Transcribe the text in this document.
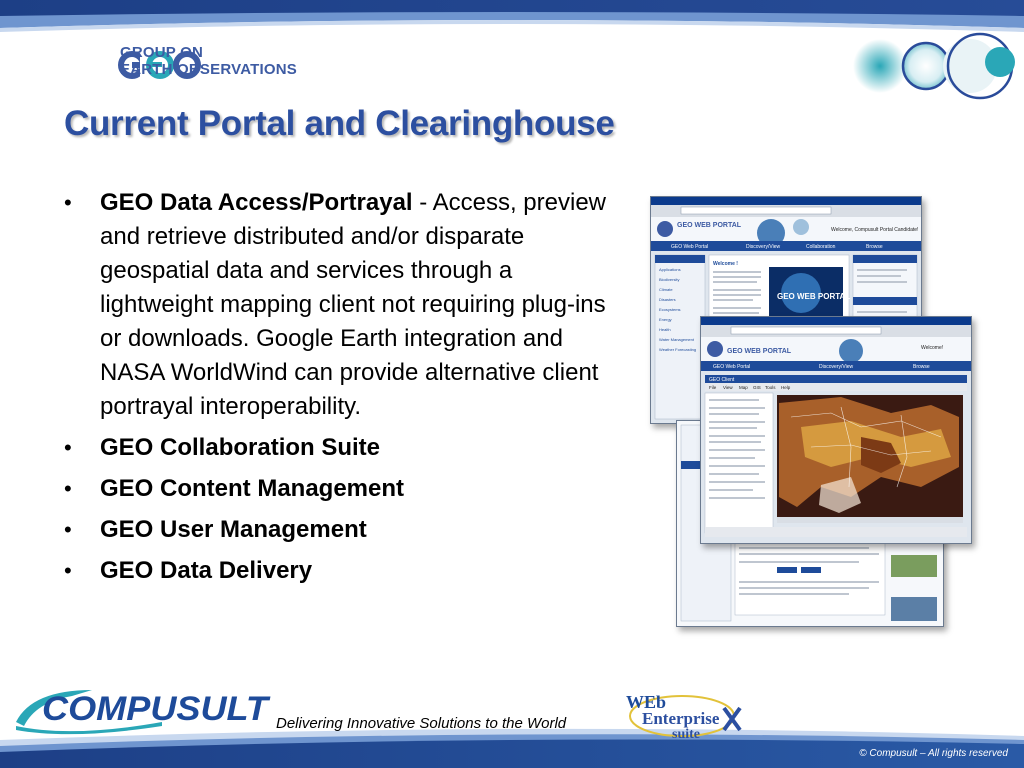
GROUP ON
EARTH OBSERVATIONS
Current Portal and Clearinghouse
• GEO Data Access/Portrayal - Access, preview and retrieve distributed and/or disparate geospatial data and services through a lightweight mapping client not requiring plug-ins or downloads. Google Earth integration and NASA WorldWind can provide alternative client portrayal interoperability.
• GEO Collaboration Suite
• GEO Content Management
• GEO User Management
• GEO Data Delivery
GEO WEB PORTAL
Welcome, Compusult Portal Candidate!
GEO Web Portal	Discovery/View	Collaboration	Browse
Applications
Biodiversity
Climate
Disasters
Ecosystems
Energy
Health
Water Management
Weather Forecasting
Welcome !
GEO WEB PORTAL
GEO WEB PORTAL	Welcome!
GEO Web Portal	Discovery/View	Browse
GEO Client
File View Map GIS Tools Help
COMPUSULT Delivering Innovative Solutions to the World
WEb
Enterprise
suite
© Compusult – All rights reserved
